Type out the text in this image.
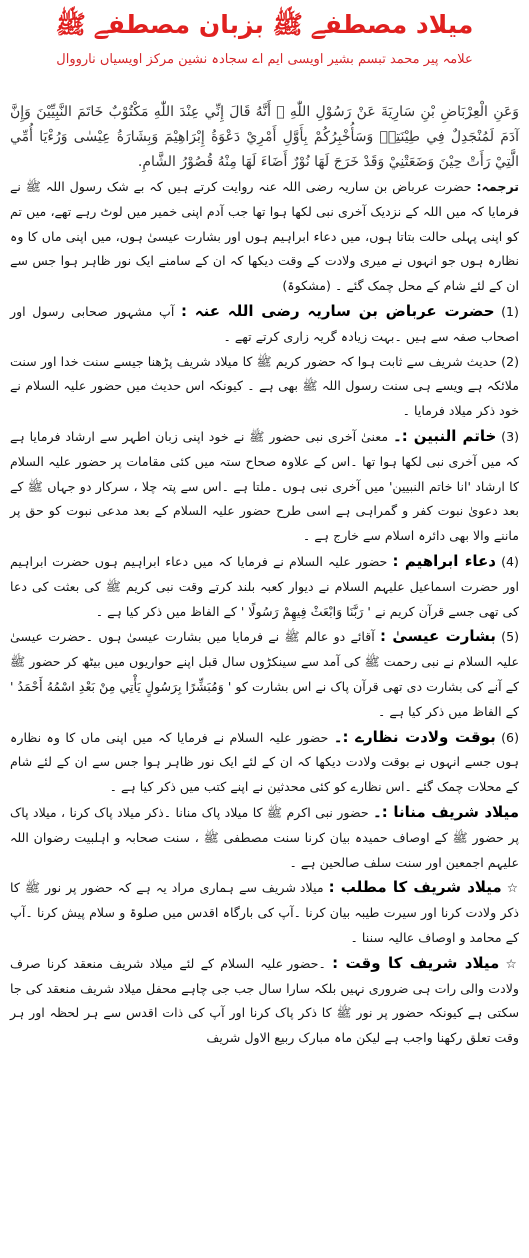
میلاد مصطفے ﷺ بزبان مصطفے ﷺ
علامہ پیر محمد تبسم بشیر اویسی ایم اے سجادہ نشین مرکز اویسیاں نارووال

وَعَنِ الْعِرْبَاضِ بْنِ سَارِيَةَ عَنْ رَسُوْلِ اللّٰهِ ﷺ أَنَّهُ قَالَ إِنِّي عِنْدَ اللّٰهِ مَكْتُوْبٌ خَاتَمَ النَّبِيِّيْنَ وَإِنَّ آدَمَ لَمُنْجَدِلٌ فِي طِيْنَتِهٖ وَسَأُخْبِرُكُمْ بِأَوَّلِ أَمْرِيْ دَعْوَةُ إِبْرَاهِيْمَ وَبِشَارَةُ عِيْسٰى وَرُءْيَا أُمِّي الَّتِيْ رَأَتْ حِيْنَ وَضَعَتْنِيْ وَقَدْ خَرَجَ لَهَا نُوْرٌ أَضَاءَ لَهَا مِنْهُ قُصُوْرُ الشَّامِ.

ترجمہ: حضرت عرباض بن ساریہ رضی اللہ عنہ روایت کرتے ہیں کہ بے شک رسول اللہ ﷺ نے فرمایا کہ میں اللہ کے نزدیک آخری نبی لکھا ہوا تھا جب آدم اپنی خمیر میں لوٹ رہے تھے، میں تم کو اپنی پہلی حالت بتاتا ہوں، میں دعاء ابراہیم ہوں اور بشارت عیسیٰ ہوں، میں اپنی ماں کا وہ نظارہ ہوں جو انہوں نے میری ولادت کے وقت دیکھا کہ ان کے سامنے ایک نور ظاہر ہوا جس سے ان کے لئے شام کے محل چمک گئے ۔ (مشکوۃ)

(1) حضرت عرباض بن ساریہ رضی اللہ عنہ : آپ مشہور صحابی رسول اور اصحاب صفہ سے ہیں ۔بہت زیادہ گریہ زاری کرتے تھے ۔

(2) حدیث شریف سے ثابت ہوا کہ حضور کریم ﷺ کا میلاد شریف پڑھنا جیسے سنت خدا اور سنت ملائکہ ہے ویسے ہی سنت رسول اللہ ﷺ بھی ہے ۔ کیونکہ اس حدیث میں حضور علیہ السلام نے خود ذکر میلاد فرمایا ۔

(3) خاتم النبین :۔ معنیٰ آخری نبی حضور ﷺ نے خود اپنی زبان اطہر سے ارشاد فرمایا ہے کہ میں آخری نبی لکھا ہوا تھا ۔اس کے علاوہ صحاح ستہ میں کئی مقامات پر حضور علیہ السلام کا ارشاد 'انا خاتم النبیین' میں آخری نبی ہوں ۔ملتا ہے ۔اس سے پتہ چلا ، سرکار دو جہاں ﷺ کے بعد دعویٰ نبوت کفر و گمراہی ہے اسی طرح حضور علیہ السلام کے بعد مدعی نبوت کو حق پر ماننے والا بھی دائرہ اسلام سے خارج ہے ۔

(4) دعاء ابراھیم : حضور علیہ السلام نے فرمایا کہ میں دعاء ابراہیم ہوں حضرت ابراہیم اور حضرت اسماعیل علیہم السلام نے دیوار کعبہ بلند کرتے وقت نبی کریم ﷺ کی بعثت کی دعا کی تھی جسے قرآن کریم نے ' رَبَّنَا وَابْعَثْ فِيهِمْ رَسُولًا ' کے الفاظ میں ذکر کیا ہے ۔

(5) بشارت عیسیٰ : آقائے دو عالم ﷺ نے فرمایا میں بشارت عیسیٰ ہوں ۔حضرت عیسیٰ علیہ السلام نے نبی رحمت ﷺ کی آمد سے سینکڑوں سال قبل اپنے حواریوں میں بیٹھ کر حضور ﷺ کے آنے کی بشارت دی تھی قرآن پاک نے اس بشارت کو ' وَمُبَشِّرًا بِرَسُولٍ يَأْتِي مِنْ بَعْدِ اسْمُهُ أَحْمَدُ ' کے الفاظ میں ذکر کیا ہے ۔

(6) بوقت ولادت نظارے :۔ حضور علیہ السلام نے فرمایا کہ میں اپنی ماں کا وہ نظارہ ہوں جسے انہوں نے بوقت ولادت دیکھا کہ ان کے لئے ایک نور ظاہر ہوا جس سے ان کے لئے شام کے محلات چمک گئے ۔اس نظارے کو کئی محدثین نے اپنے کتب میں ذکر کیا ہے ۔

میلاد شریف منانا :۔ حضور نبی اکرم ﷺ کا میلاد پاک منانا ۔ذکر میلاد پاک کرنا ، میلاد پاک پر حضور ﷺ کے اوصاف حمیدہ بیان کرنا سنت مصطفی ﷺ ، سنت صحابہ و اہلبیت رضوان اللہ علیہم اجمعین اور سنت سلف صالحین ہے ۔

☆ میلاد شریف کا مطلب : میلاد شریف سے ہماری مراد یہ ہے کہ حضور پر نور ﷺ کا ذکر ولادت کرنا اور سیرت طیبہ بیان کرنا ۔آپ کی بارگاہ اقدس میں صلوۃ و سلام پیش کرنا ۔آپ کے محامد و اوصاف عالیہ سننا ۔

☆ میلاد شریف کا وقت : ۔حضور علیہ السلام کے لئے میلاد شریف منعقد کرنا صرف ولادت والی رات ہی ضروری نہیں بلکہ سارا سال جب جی چاہے محفل میلاد شریف منعقد کی جا سکتی ہے کیونکہ حضور پر نور ﷺ کا ذکر پاک کرنا اور آپ کی ذات اقدس سے ہر لحظہ اور ہر وقت تعلق رکھنا واجب ہے لیکن ماہ مبارک ربیع الاول شریف
